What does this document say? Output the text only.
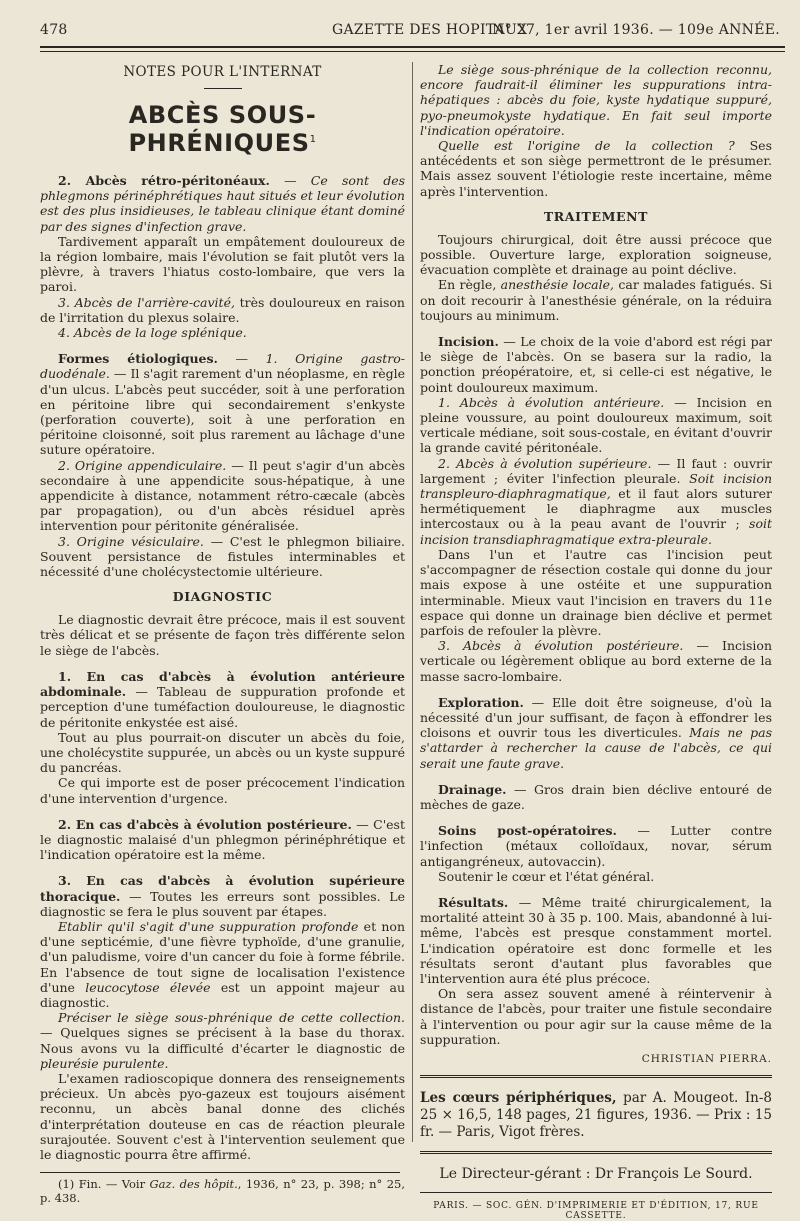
478	GAZETTE DES HOPITAUX
N° 27, 1er avril 1936. — 109e ANNÉE.
NOTES POUR L'INTERNAT
ABCÈS SOUS-PHRÉNIQUES$^1$

2. Abcès rétro-péritonéaux. — Ce sont des phlegmons périnéphrétiques haut situés et leur évolution est des plus insidieuses, le tableau clinique étant dominé par des signes d'infection grave.

Tardivement apparaît un empâtement douloureux de la région lombaire, mais l'évolution se fait plutôt vers la plèvre, à travers l'hiatus costo-lombaire, que vers la paroi.

3. Abcès de l'arrière-cavité, très douloureux en raison de l'irritation du plexus solaire.

4. Abcès de la loge splénique.

Formes étiologiques. — 1. Origine gastro-duodénale. — Il s'agit rarement d'un néoplasme, en règle d'un ulcus. L'abcès peut succéder, soit à une perforation en péritoine libre qui secondairement s'enkyste (perforation couverte), soit à une perforation en péritoine cloisonné, soit plus rarement au lâchage d'une suture opératoire.

2. Origine appendiculaire. — Il peut s'agir d'un abcès secondaire à une appendicite sous-hépatique, à une appendicite à distance, notamment rétro-cæcale (abcès par propagation), ou d'un abcès résiduel après intervention pour péritonite généralisée.

3. Origine vésiculaire. — C'est le phlegmon biliaire. Souvent persistance de fistules interminables et nécessité d'une cholécystectomie ultérieure.

DIAGNOSTIC

Le diagnostic devrait être précoce, mais il est souvent très délicat et se présente de façon très différente selon le siège de l'abcès.

1. En cas d'abcès à évolution antérieure abdominale. — Tableau de suppuration profonde et perception d'une tuméfaction douloureuse, le diagnostic de péritonite enkystée est aisé.

Tout au plus pourrait-on discuter un abcès du foie, une cholécystite suppurée, un abcès ou un kyste suppuré du pancréas.

Ce qui importe est de poser précocement l'indication d'une intervention d'urgence.

2. En cas d'abcès à évolution postérieure. — C'est le diagnostic malaisé d'un phlegmon périnéphrétique et l'indication opératoire est la même.

3. En cas d'abcès à évolution supérieure thoracique. — Toutes les erreurs sont possibles. Le diagnostic se fera le plus souvent par étapes.

Etablir qu'il s'agit d'une suppuration profonde et non d'une septicémie, d'une fièvre typhoïde, d'une granulie, d'un paludisme, voire d'un cancer du foie à forme fébrile. En l'absence de tout signe de localisation l'existence d'une leucocytose élevée est un appoint majeur au diagnostic.

Préciser le siège sous-phrénique de cette collection. — Quelques signes se précisent à la base du thorax. Nous avons vu la difficulté d'écarter le diagnostic de pleurésie purulente.

L'examen radioscopique donnera des renseignements précieux. Un abcès pyo-gazeux est toujours aisément reconnu, un abcès banal donne des clichés d'interprétation douteuse en cas de réaction pleurale surajoutée. Souvent c'est à l'intervention seulement que le diagnostic pourra être affirmé.

(1) Fin. — Voir Gaz. des hôpit., 1936, n° 23, p. 398; n° 25, p. 438.

Le siège sous-phrénique de la collection reconnu, encore faudrait-il éliminer les suppurations intra-hépatiques : abcès du foie, kyste hydatique suppuré, pyo-pneumokyste hydatique. En fait seul importe l'indication opératoire.

Quelle est l'origine de la collection ? Ses antécédents et son siège permettront de le présumer. Mais assez souvent l'étiologie reste incertaine, même après l'intervention.

TRAITEMENT

Toujours chirurgical, doit être aussi précoce que possible. Ouverture large, exploration soigneuse, évacuation complète et drainage au point déclive.

En règle, anesthésie locale, car malades fatigués. Si on doit recourir à l'anesthésie générale, on la réduira toujours au minimum.

Incision. — Le choix de la voie d'abord est régi par le siège de l'abcès. On se basera sur la radio, la ponction préopératoire, et, si celle-ci est négative, le point douloureux maximum.

1. Abcès à évolution antérieure. — Incision en pleine voussure, au point douloureux maximum, soit verticale médiane, soit sous-costale, en évitant d'ouvrir la grande cavité péritonéale.

2. Abcès à évolution supérieure. — Il faut : ouvrir largement ; éviter l'infection pleurale. Soit incision transpleuro-diaphragmatique, et il faut alors suturer hermétiquement le diaphragme aux muscles intercostaux ou à la peau avant de l'ouvrir ; soit incision transdiaphragmatique extra-pleurale.

Dans l'un et l'autre cas l'incision peut s'accompagner de résection costale qui donne du jour mais expose à une ostéite et une suppuration interminable. Mieux vaut l'incision en travers du 11e espace qui donne un drainage bien déclive et permet parfois de refouler la plèvre.

3. Abcès à évolution postérieure. — Incision verticale ou légèrement oblique au bord externe de la masse sacro-lombaire.

Exploration. — Elle doit être soigneuse, d'où la nécessité d'un jour suffisant, de façon à effondrer les cloisons et ouvrir tous les diverticules. Mais ne pas s'attarder à rechercher la cause de l'abcès, ce qui serait une faute grave.

Drainage. — Gros drain bien déclive entouré de mèches de gaze.

Soins post-opératoires. — Lutter contre l'infection (métaux colloïdaux, novar, sérum antigangréneux, autovaccin).

Soutenir le cœur et l'état général.

Résultats. — Même traité chirurgicalement, la mortalité atteint 30 à 35 p. 100. Mais, abandonné à lui-même, l'abcès est presque constamment mortel. L'indication opératoire est donc formelle et les résultats seront d'autant plus favorables que l'intervention aura été plus précoce.

On sera assez souvent amené à réintervenir à distance de l'abcès, pour traiter une fistule secondaire à l'intervention ou pour agir sur la cause même de la suppuration.

CHRISTIAN PIERRA.

Les cœurs périphériques, par A. Mougeot. In-8 25 × 16,5, 148 pages, 21 figures, 1936. — Prix : 15 fr. — Paris, Vigot frères.

Le Directeur-gérant : Dr François Le Sourd.
PARIS. — SOC. GÉN. D'IMPRIMERIE ET D'ÉDITION, 17, RUE CASSETTE.
